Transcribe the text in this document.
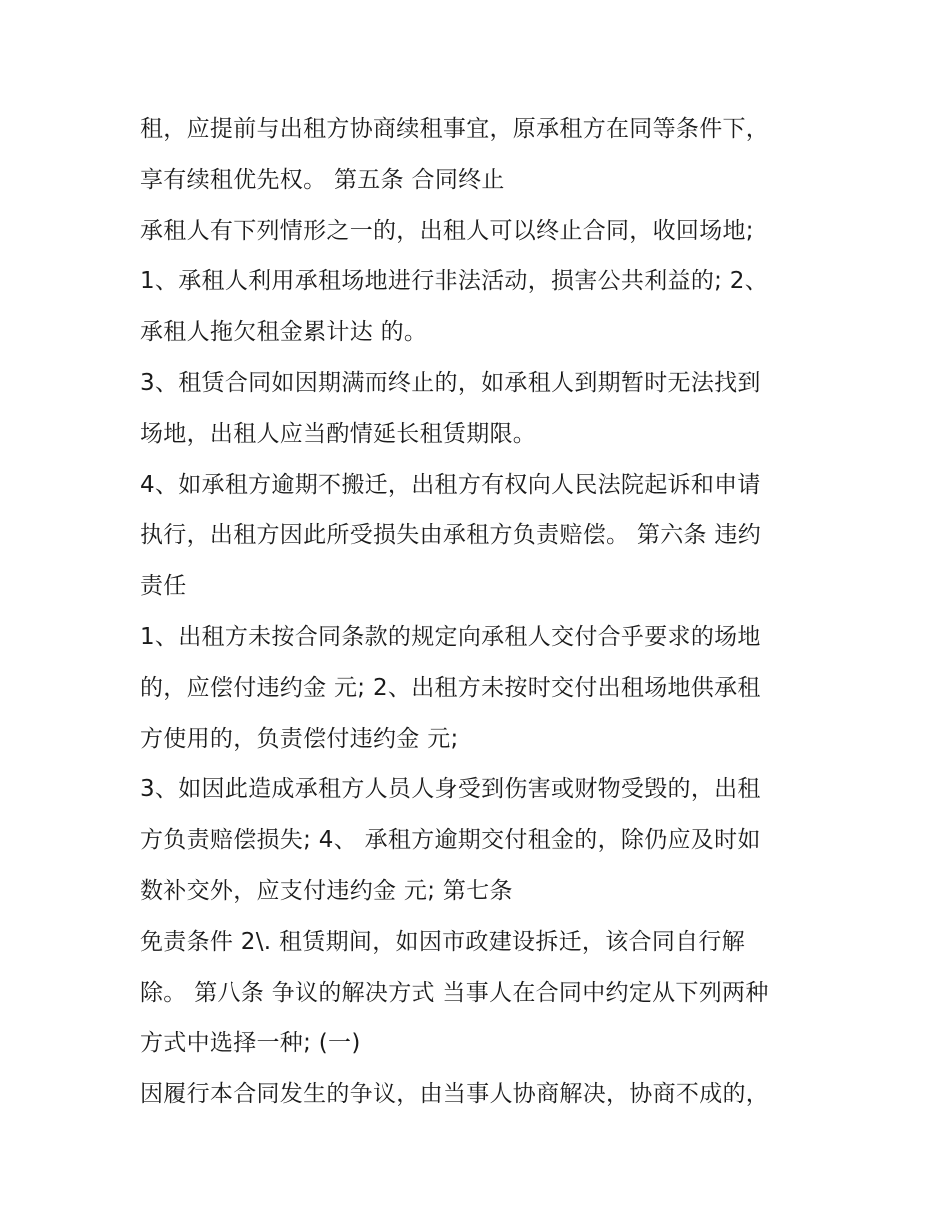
租，应提前与出租方协商续租事宜，原承租方在同等条件下，
享有续租优先权。 第五条 合同终止
承租人有下列情形之一的，出租人可以终止合同，收回场地;
1、承租人利用承租场地进行非法活动，损害公共利益的; 2、
承租人拖欠租金累计达 的。
3、租赁合同如因期满而终止的，如承租人到期暂时无法找到
场地，出租人应当酌情延长租赁期限。
4、如承租方逾期不搬迁，出租方有权向人民法院起诉和申请
执行，出租方因此所受损失由承租方负责赔偿。 第六条 违约
责任
1、出租方未按合同条款的规定向承租人交付合乎要求的场地
的，应偿付违约金 元; 2、出租方未按时交付出租场地供承租
方使用的，负责偿付违约金 元;
3、如因此造成承租方人员人身受到伤害或财物受毁的，出租
方负责赔偿损失; 4、 承租方逾期交付租金的，除仍应及时如
数补交外，应支付违约金 元; 第七条
免责条件 2\. 租赁期间，如因市政建设拆迁，该合同自行解
除。 第八条 争议的解决方式 当事人在合同中约定从下列两种
方式中选择一种; (一)
因履行本合同发生的争议，由当事人协商解决，协商不成的，
